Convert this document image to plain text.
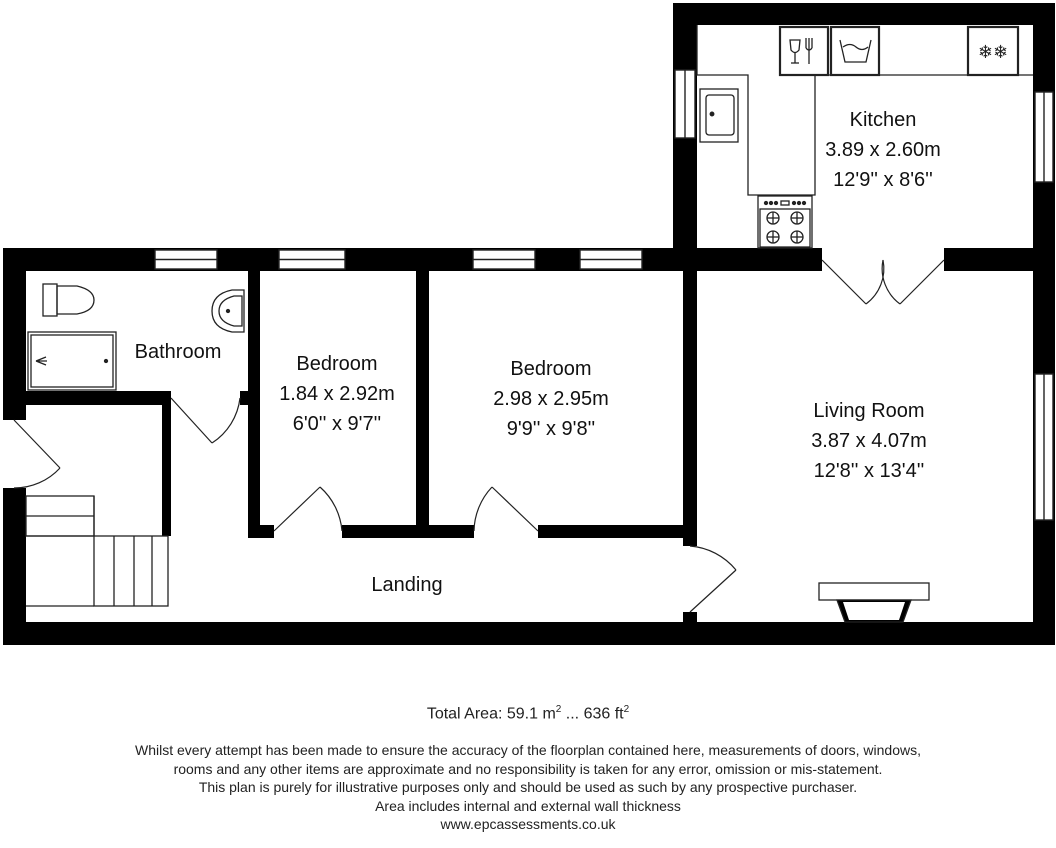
❄❄
Kitchen
3.89 x 2.60m
12'9'' x 8'6''
Bathroom
Bedroom
1.84 x 2.92m
6'0'' x 9'7''
Bedroom
2.98 x 2.95m
9'9'' x 9'8''
Living Room
3.87 x 4.07m
12'8'' x 13'4''
Landing
Total Area: 59.1 $m^2$ ... 636 $ft^2$
Whilst every attempt has been made to ensure the accuracy of the floorplan contained here, measurements of doors, windows,
rooms and any other items are approximate and no responsibility is taken for any error, omission or mis-statement.
This plan is purely for illustrative purposes only and should be used as such by any prospective purchaser.
Area includes internal and external wall thickness
www.epcassessments.co.uk
